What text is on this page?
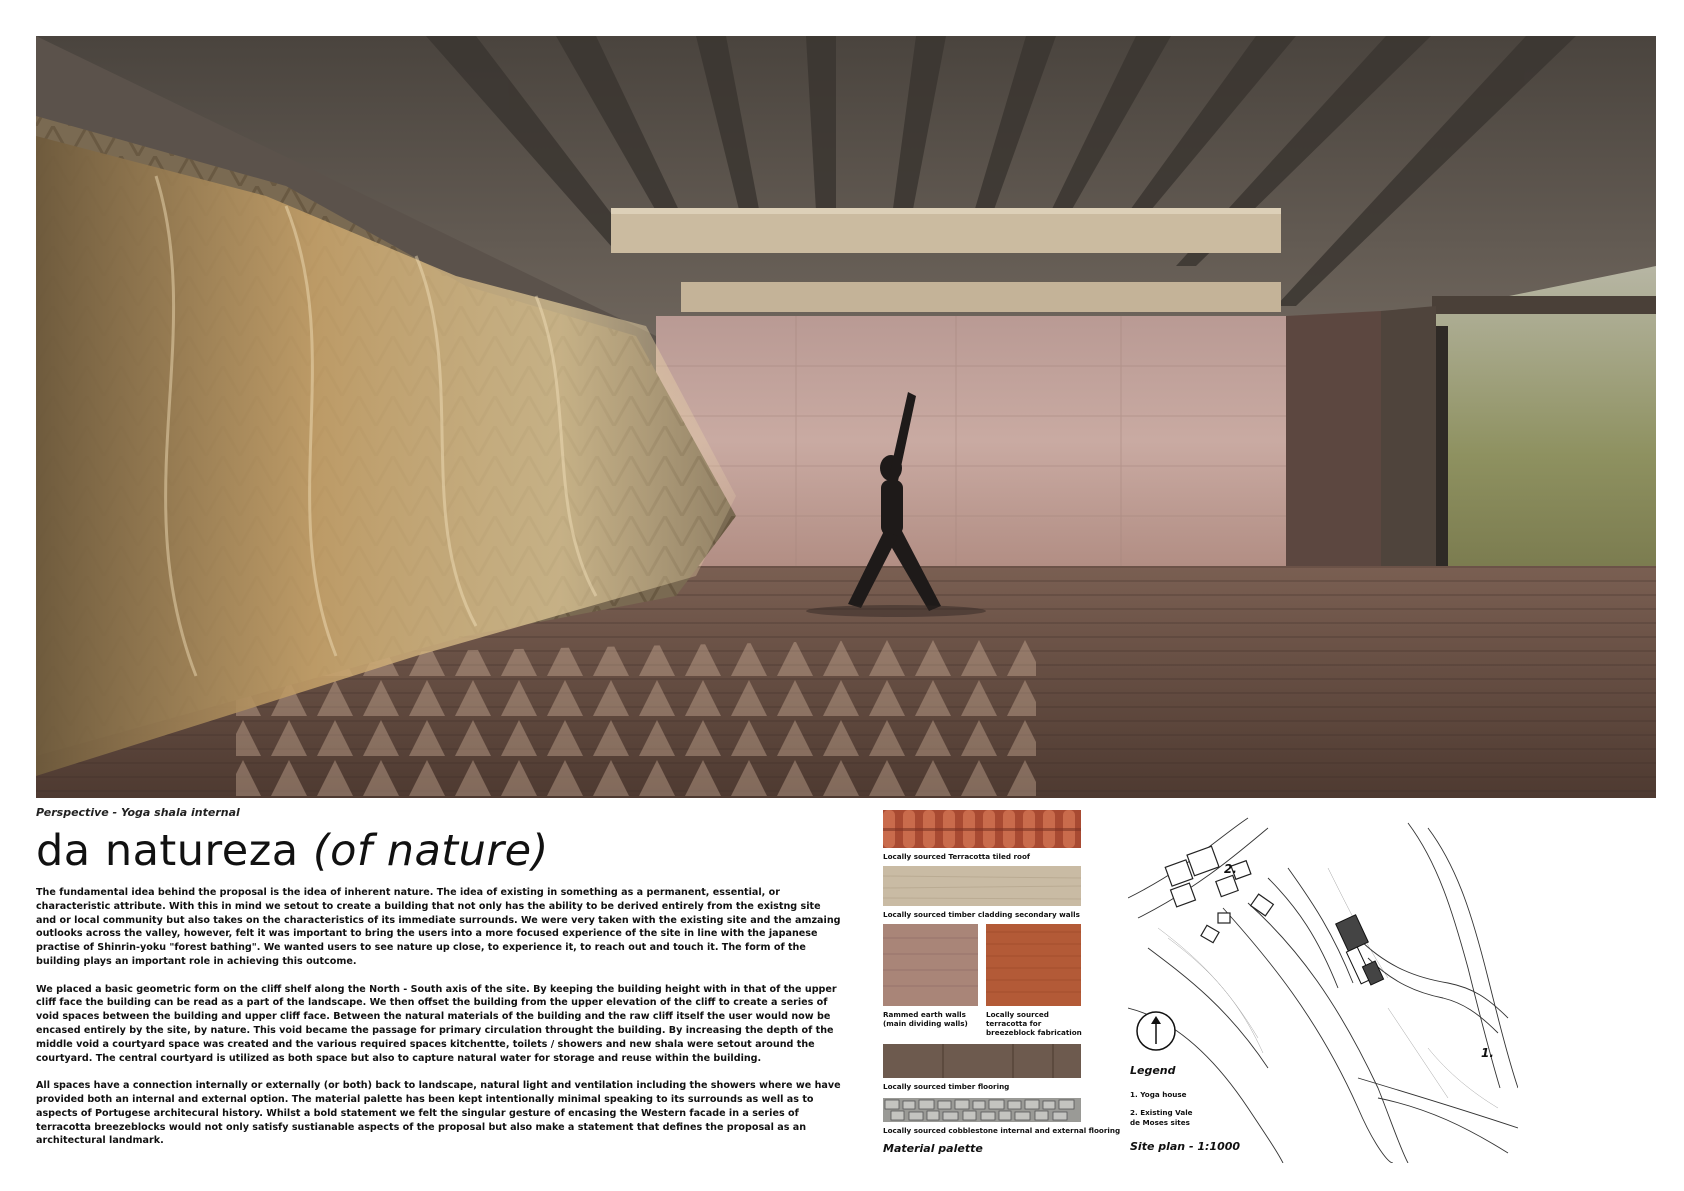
Perspective - Yoga shala internal
da natureza (of nature)

The fundamental idea behind the proposal is the idea of inherent nature. The idea of existing in something as a permanent, essential, or characteristic attribute. With this in mind we setout to create a building that not only has the ability to be derived entirely from the existng site and or local community but also takes on the characteristics of its immediate surrounds. We were very taken with the existing site and the amzaing outlooks across the valley, however, felt it was important to bring the users into a more focused experience of the site in line with the japanese practise of Shinrin-yoku "forest bathing". We wanted users to see nature up close, to experience it, to reach out and touch it. The form of the building plays an important role in achieving this outcome.

We placed a basic geometric form on the cliff shelf along the North - South axis of the site. By keeping the building height with in that of the upper cliff face the building can be read as a part of the landscape. We then offset the building from the upper elevation of the cliff to create a series of void spaces between the building and upper cliff face. Between the natural materials of the building and the raw cliff itself the user would now be encased entirely by the site, by nature. This void became the passage for primary circulation throught the building. By increasing the depth of the middle void a courtyard space was created and the various required spaces kitchentte, toilets / showers and new shala were setout around the courtyard. The central courtyard is utilized as both space but also to capture natural water for storage and reuse within the building.

All spaces have a connection internally or externally (or both) back to landscape, natural light and ventilation including the showers where we have provided both an internal and external option. The material palette has been kept intentionally minimal speaking to its surrounds as well as to aspects of Portugese architecural history. Whilst a bold statement we felt the singular gesture of encasing the Western facade in a series of terracotta breezeblocks would not only satisfy sustianable aspects of the proposal but also make a statement that defines the proposal as an architectural landmark.

Locally sourced Terracotta tiled roof
Locally sourced timber cladding secondary walls
Rammed earth walls (main dividing walls)
Locally sourced terracotta for breezeblock fabrication
Locally sourced timber flooring
Locally sourced cobblestone internal and external flooring
Material palette
2.
1.
Legend
1. Yoga house
2. Existing Vale de Moses sites
Site plan - 1:1000
